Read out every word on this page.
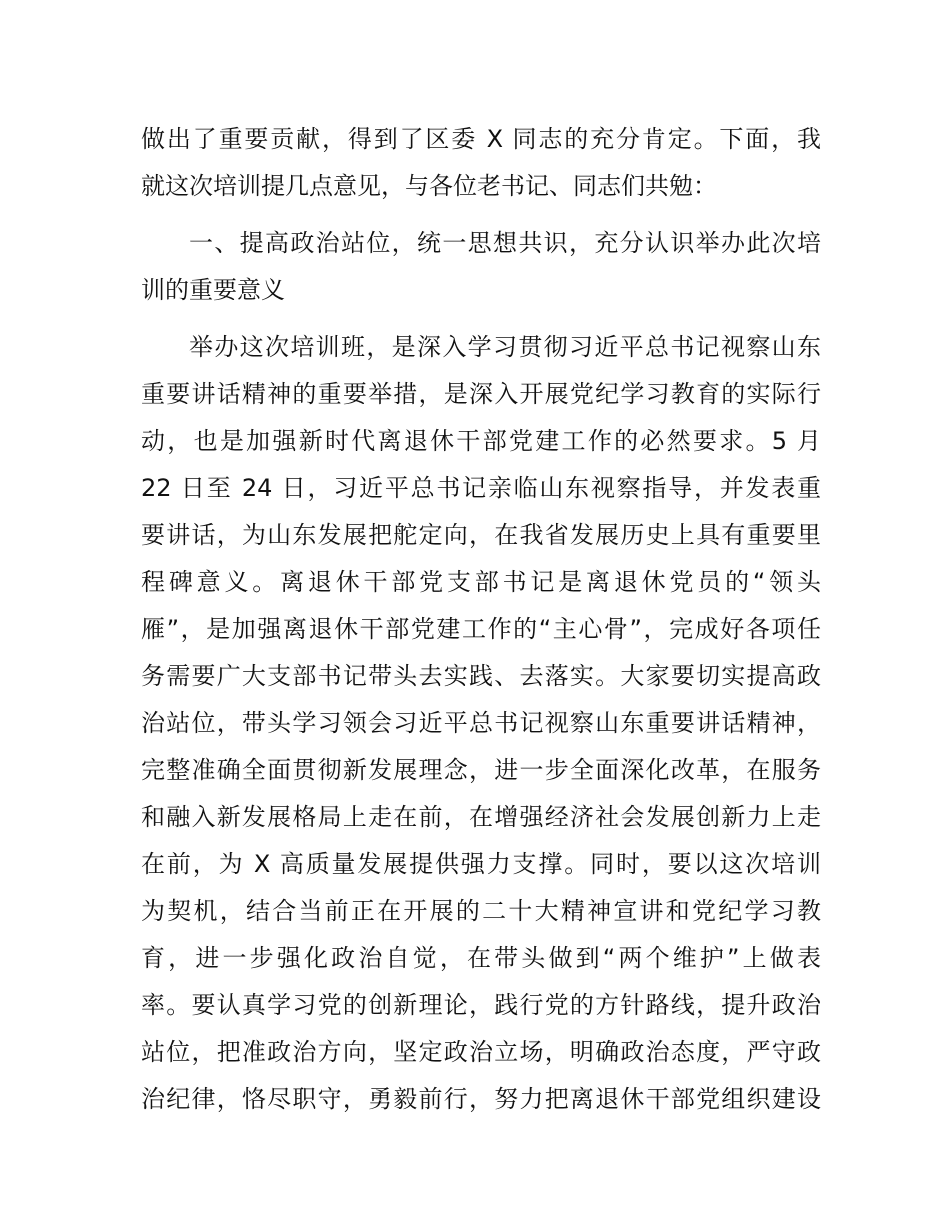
做出了重要贡献，得到了区委 X 同志的充分肯定。下面，我
就这次培训提几点意见，与各位老书记、同志们共勉：
一、提高政治站位，统一思想共识，充分认识举办此次培
训的重要意义
举办这次培训班，是深入学习贯彻习近平总书记视察山东
重要讲话精神的重要举措，是深入开展党纪学习教育的实际行
动，也是加强新时代离退休干部党建工作的必然要求。5 月
22 日至 24 日，习近平总书记亲临山东视察指导，并发表重
要讲话，为山东发展把舵定向，在我省发展历史上具有重要里
程碑意义。离退休干部党支部书记是离退休党员的“领头
雁”，是加强离退休干部党建工作的“主心骨”，完成好各项任
务需要广大支部书记带头去实践、去落实。大家要切实提高政
治站位，带头学习领会习近平总书记视察山东重要讲话精神，
完整准确全面贯彻新发展理念，进一步全面深化改革，在服务
和融入新发展格局上走在前，在增强经济社会发展创新力上走
在前，为 X 高质量发展提供强力支撑。同时，要以这次培训
为契机，结合当前正在开展的二十大精神宣讲和党纪学习教
育，进一步强化政治自觉，在带头做到“两个维护”上做表
率。要认真学习党的创新理论，践行党的方针路线，提升政治
站位，把准政治方向，坚定政治立场，明确政治态度，严守政
治纪律，恪尽职守，勇毅前行，努力把离退休干部党组织建设
